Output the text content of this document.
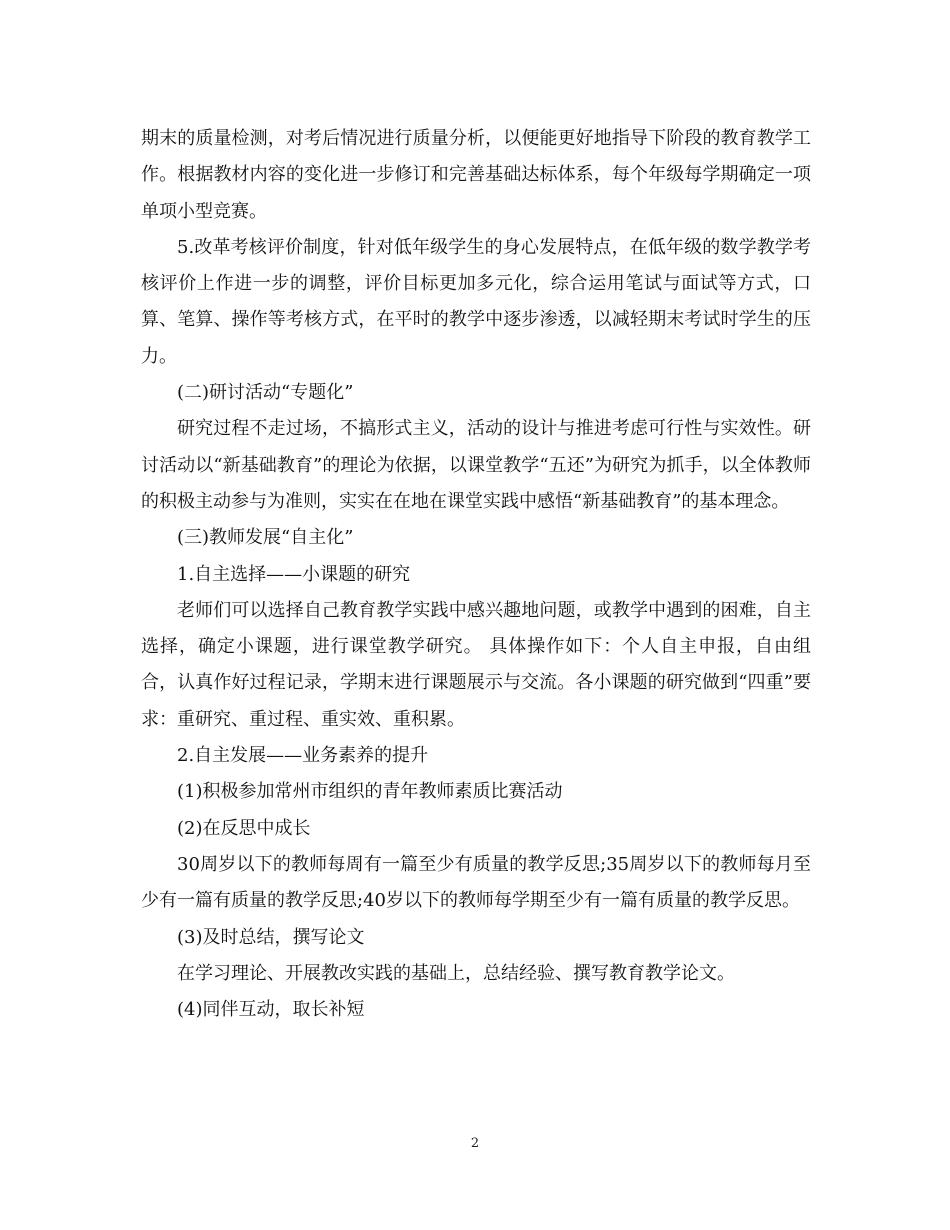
期末的质量检测，对考后情况进行质量分析，以便能更好地指导下阶段的教育教学工作。根据教材内容的变化进一步修订和完善基础达标体系，每个年级每学期确定一项单项小型竞赛。

5.改革考核评价制度，针对低年级学生的身心发展特点，在低年级的数学教学考核评价上作进一步的调整，评价目标更加多元化，综合运用笔试与面试等方式，口算、笔算、操作等考核方式，在平时的教学中逐步渗透，以减轻期末考试时学生的压力。

(二)研讨活动“专题化”

研究过程不走过场，不搞形式主义，活动的设计与推进考虑可行性与实效性。研讨活动以“新基础教育”的理论为依据，以课堂教学“五还”为研究为抓手，以全体教师的积极主动参与为准则，实实在在地在课堂实践中感悟“新基础教育”的基本理念。

(三)教师发展“自主化”

1.自主选择——小课题的研究

老师们可以选择自己教育教学实践中感兴趣地问题，或教学中遇到的困难，自主选择，确定小课题，进行课堂教学研究。 具体操作如下：个人自主申报，自由组合，认真作好过程记录，学期末进行课题展示与交流。各小课题的研究做到“四重”要求：重研究、重过程、重实效、重积累。

2.自主发展——业务素养的提升

(1)积极参加常州市组织的青年教师素质比赛活动

(2)在反思中成长

30周岁以下的教师每周有一篇至少有质量的教学反思;35周岁以下的教师每月至少有一篇有质量的教学反思;40岁以下的教师每学期至少有一篇有质量的教学反思。

(3)及时总结，撰写论文

在学习理论、开展教改实践的基础上，总结经验、撰写教育教学论文。

(4)同伴互动，取长补短

2
